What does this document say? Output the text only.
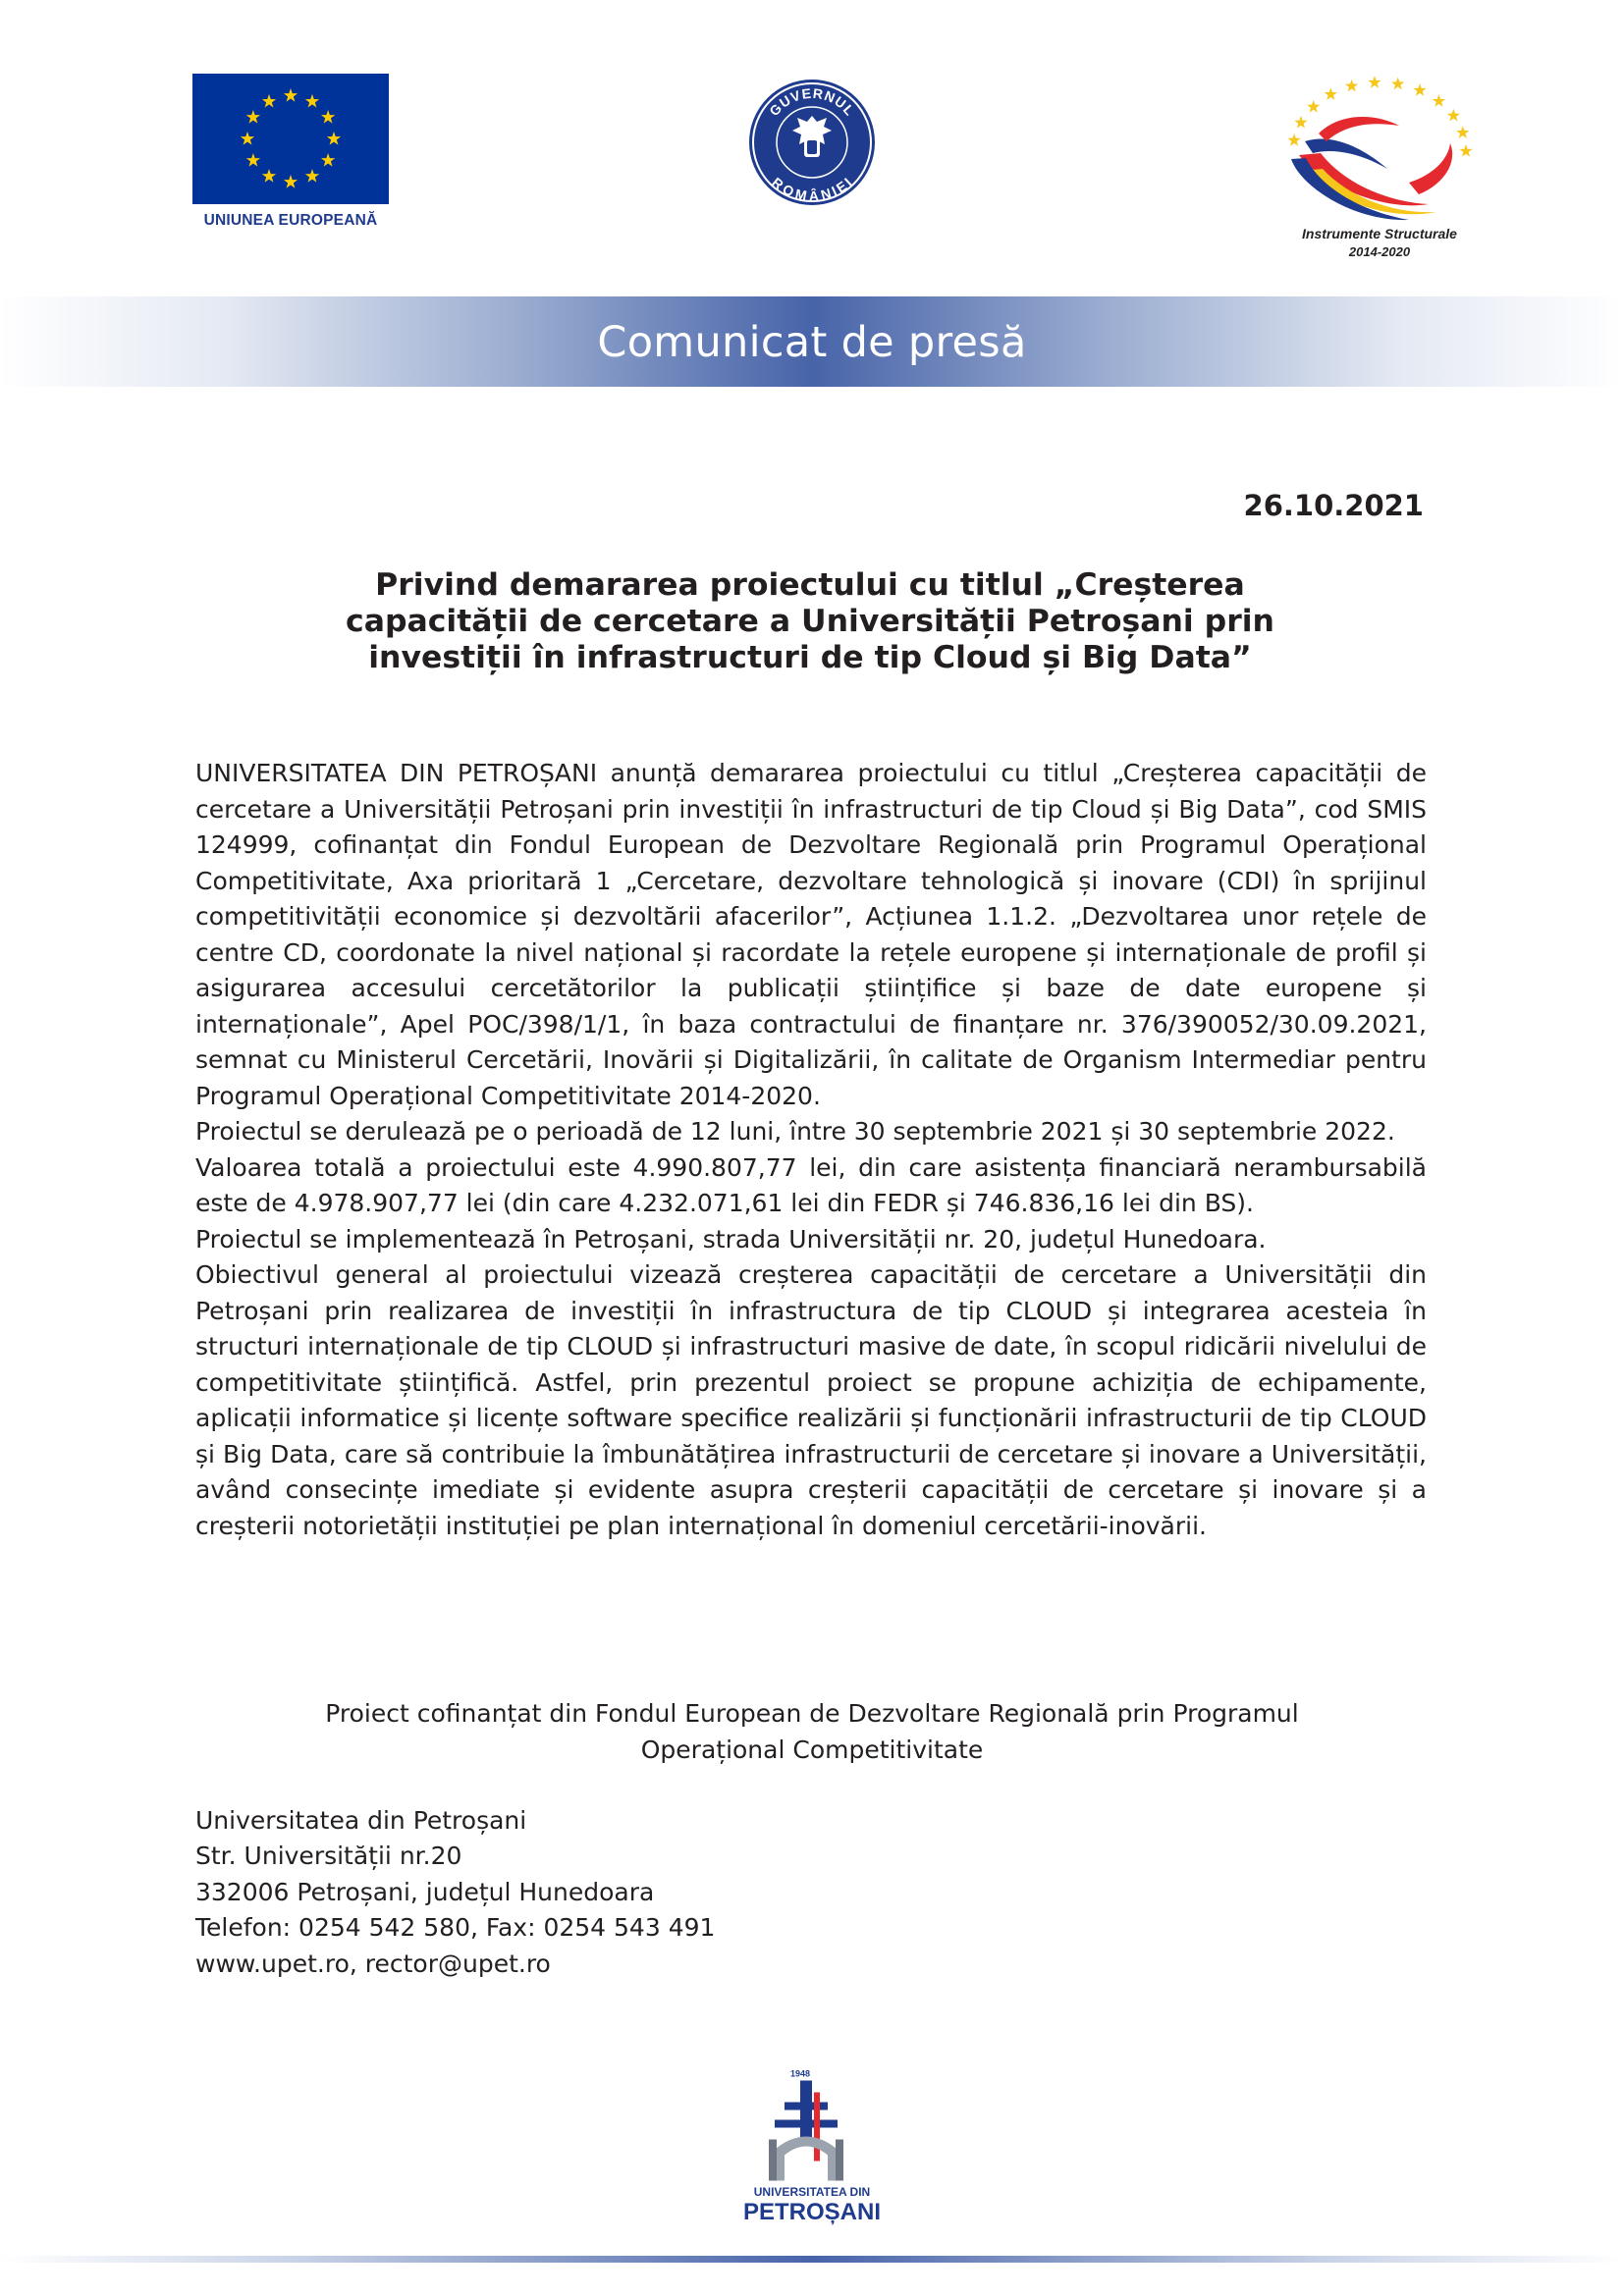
UNIUNEA EUROPEANĂ
GUVERNUL
ROMÂNIEI
Instrumente Structurale
2014-2020
Comunicat de presă
26.10.2021
Privind demararea proiectului cu titlul „Creșterea
capacității de cercetare a Universității Petroșani prin
investiții în infrastructuri de tip Cloud și Big Data”

UNIVERSITATEA DIN PETROȘANI anunță demararea proiectului cu titlul „Creșterea capacității de cercetare a Universității Petroșani prin investiții în infrastructuri de tip Cloud și Big Data”, cod SMIS 124999, cofinanțat din Fondul European de Dezvoltare Regională prin Programul Operațional Competitivitate, Axa prioritară 1 „Cercetare, dezvoltare tehnologică și inovare (CDI) în sprijinul competitivității economice și dezvoltării afacerilor”, Acțiunea 1.1.2. „Dezvoltarea unor rețele de centre CD, coordonate la nivel național și racordate la rețele europene și internaționale de profil și asigurarea accesului cercetătorilor la publicații științifice și baze de date europene și internaționale”, Apel POC/398/1/1, în baza contractului de finanțare nr. 376/390052/30.09.2021, semnat cu Ministerul Cercetării, Inovării și Digitalizării, în calitate de Organism Intermediar pentru Programul Operațional Competitivitate 2014-2020.

Proiectul se derulează pe o perioadă de 12 luni, între 30 septembrie 2021 și 30 septembrie 2022.

Valoarea totală a proiectului este 4.990.807,77 lei, din care asistența financiară nerambursabilă este de 4.978.907,77 lei (din care 4.232.071,61 lei din FEDR și 746.836,16 lei din BS).

Proiectul se implementează în Petroșani, strada Universității nr. 20, județul Hunedoara.

Obiectivul general al proiectului vizează creșterea capacității de cercetare a Universității din Petroșani prin realizarea de investiții în infrastructura de tip CLOUD și integrarea acesteia în structuri internaționale de tip CLOUD și infrastructuri masive de date, în scopul ridicării nivelului de competitivitate științifică. Astfel, prin prezentul proiect se propune achiziția de echipamente, aplicații informatice și licențe software specifice realizării și funcționării infrastructurii de tip CLOUD și Big Data, care să contribuie la îmbunătățirea infrastructurii de cercetare și inovare a Universității, având consecințe imediate și evidente asupra creșterii capacității de cercetare și inovare și a creșterii notorietății instituției pe plan internațional în domeniul cercetării-inovării.

Proiect cofinanțat din Fondul European de Dezvoltare Regională prin Programul
Operațional Competitivitate
Universitatea din Petroșani
Str. Universității nr.20
332006 Petroșani, județul Hunedoara
Telefon: 0254 542 580, Fax: 0254 543 491
www.upet.ro, rector@upet.ro
1948
UNIVERSITATEA DIN
PETROȘANI
